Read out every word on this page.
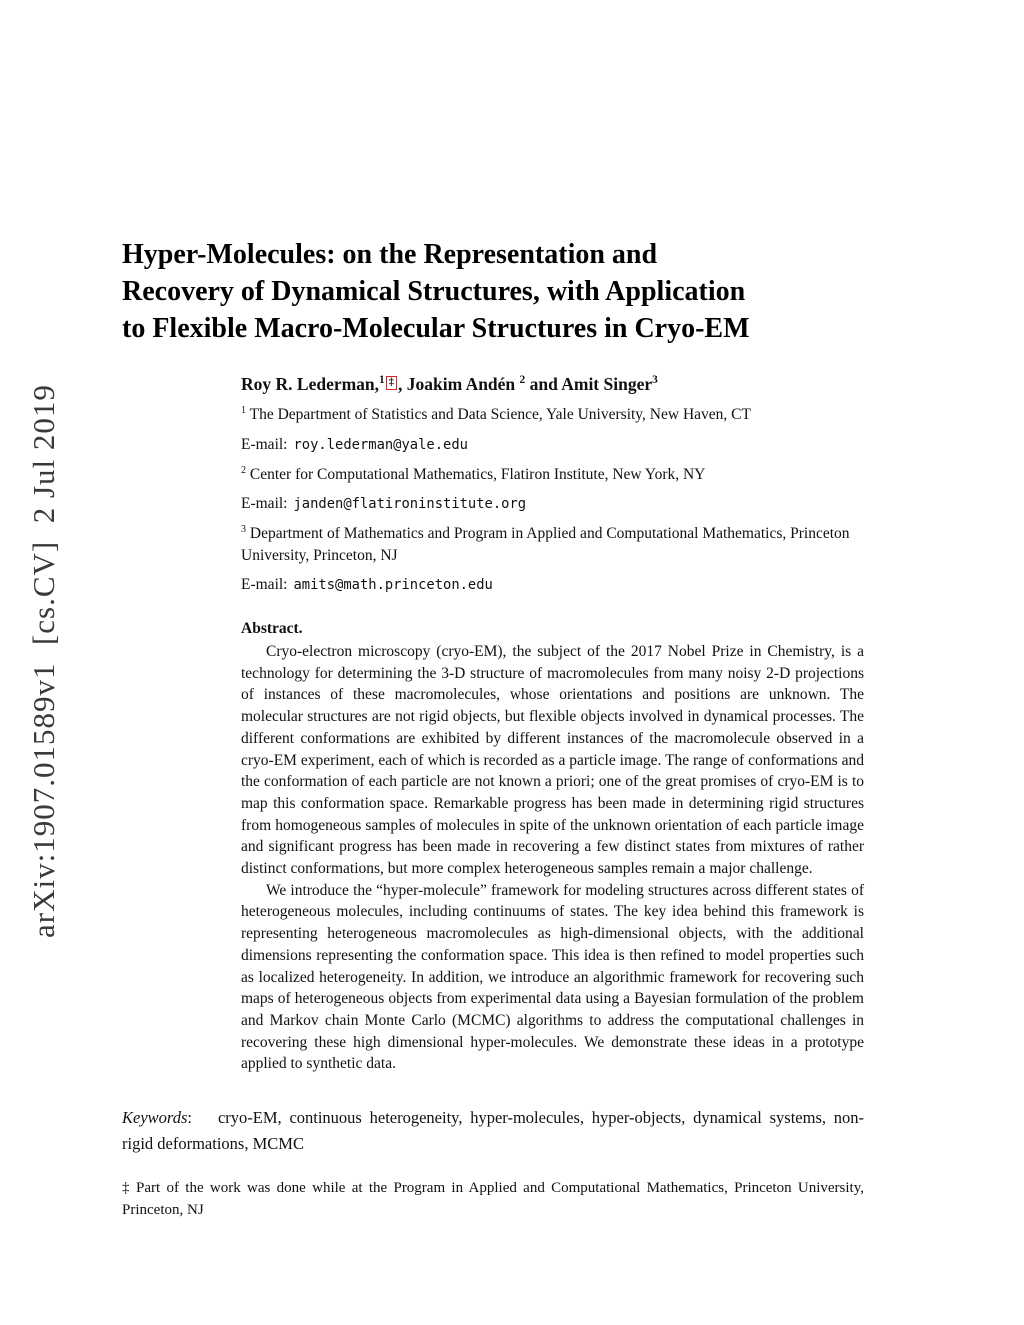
arXiv:1907.01589v1  [cs.CV]  2 Jul 2019
Hyper-Molecules: on the Representation and
Recovery of Dynamical Structures, with Application
to Flexible Macro-Molecular Structures in Cryo-EM

Roy R. Lederman,$^1$ ‡ , Joakim Andén $^2$ and Amit Singer$^3$

$^1$ The Department of Statistics and Data Science, Yale University, New Haven, CT

E-mail: roy.lederman@yale.edu

$^2$ Center for Computational Mathematics, Flatiron Institute, New York, NY

E-mail: janden@flatironinstitute.org

$^3$ Department of Mathematics and Program in Applied and Computational Mathematics, Princeton University, Princeton, NJ

E-mail: amits@math.princeton.edu

Abstract.

Cryo-electron microscopy (cryo-EM), the subject of the 2017 Nobel Prize in Chemistry, is a technology for determining the 3-D structure of macromolecules from many noisy 2-D projections of instances of these macromolecules, whose orientations and positions are unknown. The molecular structures are not rigid objects, but flexible objects involved in dynamical processes. The different conformations are exhibited by different instances of the macromolecule observed in a cryo-EM experiment, each of which is recorded as a particle image. The range of conformations and the conformation of each particle are not known a priori; one of the great promises of cryo-EM is to map this conformation space. Remarkable progress has been made in determining rigid structures from homogeneous samples of molecules in spite of the unknown orientation of each particle image and significant progress has been made in recovering a few distinct states from mixtures of rather distinct conformations, but more complex heterogeneous samples remain a major challenge.

We introduce the “hyper-molecule” framework for modeling structures across different states of heterogeneous molecules, including continuums of states. The key idea behind this framework is representing heterogeneous macromolecules as high-dimensional objects, with the additional dimensions representing the conformation space. This idea is then refined to model properties such as localized heterogeneity. In addition, we introduce an algorithmic framework for recovering such maps of heterogeneous objects from experimental data using a Bayesian formulation of the problem and Markov chain Monte Carlo (MCMC) algorithms to address the computational challenges in recovering these high dimensional hyper-molecules. We demonstrate these ideas in a prototype applied to synthetic data.

Keywords: cryo-EM, continuous heterogeneity, hyper-molecules, hyper-objects, dynamical systems, non-rigid deformations, MCMC

‡ Part of the work was done while at the Program in Applied and Computational Mathematics, Princeton University, Princeton, NJ
